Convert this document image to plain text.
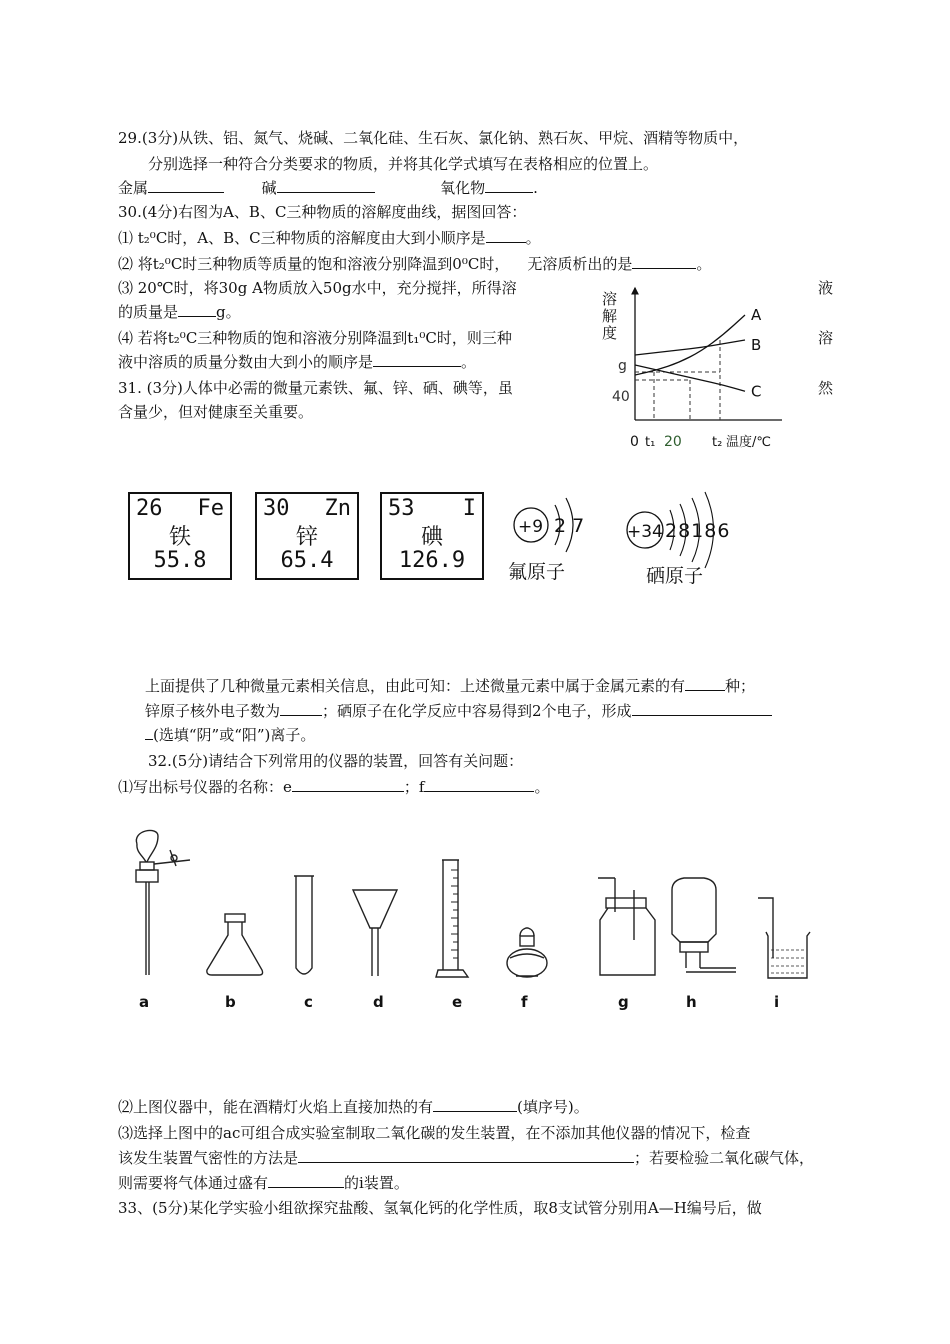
29.(3分)从铁、铝、氮气、烧碱、二氧化硅、生石灰、氯化钠、熟石灰、甲烷、酒精等物质中，
分别选择一种符合分类要求的物质，并将其化学式填写在表格相应的位置上。
金属	碱	氧化物	.
30.(4分)右图为A、B、C三种物质的溶解度曲线，据图回答：
⑴ t₂⁰C时，A、B、C三种物质的溶解度由大到小顺序是	。
⑵ 将t₂⁰C时三种物质等质量的饱和溶液分别降温到0⁰C时， 无溶质析出的是	。
⑶ 20℃时，将30g A物质放入50g水中，充分搅拌，所得溶
的质量是	g。
⑷ 若将t₂⁰C三种物质的饱和溶液分别降温到t₁⁰C时，则三种
液中溶质的质量分数由大到小的顺序是	。
液
溶
然
溶
解
度
g
40
0 t₁ 20 t₂ 温度/℃
A
B
C
31. (3分)人体中必需的微量元素铁、氟、锌、硒、碘等，虽
含量少，但对健康至关重要。
26 Fe
铁
55.8
30 Zn
锌
65.4
53 I
碘
126.9
+9 2 7
氟原子
+34 28186
硒原子
上面提供了几种微量元素相关信息，由此可知：上述微量元素中属于金属元素的有	种；
锌原子核外电子数为	；硒原子在化学反应中容易得到2个电子，形成
(选填“阴”或“阳”)离子。
32.(5分)请结合下列常用的仪器的装置，回答有关问题：
⑴写出标号仪器的名称：e	；f	。
a	b	c	d	e	f	g	h	i
⑵上图仪器中，能在酒精灯火焰上直接加热的有	(填序号)。
⑶选择上图中的ac可组合成实验室制取二氧化碳的发生装置，在不添加其他仪器的情况下，检查
该发生装置气密性的方法是	；若要检验二氧化碳气体，
则需要将气体通过盛有	的i装置。
33、(5分)某化学实验小组欲探究盐酸、氢氧化钙的化学性质，取8支试管分别用A—H编号后，做
